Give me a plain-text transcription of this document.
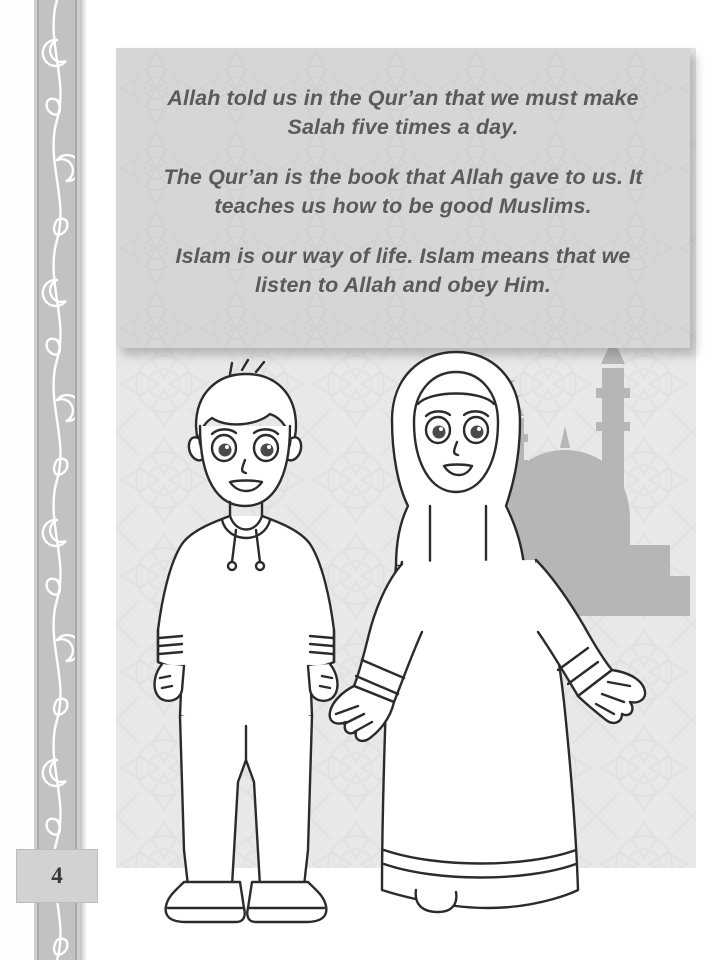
Allah told us in the Qur’an that we must make Salah five times a day.

The Qur’an is the book that Allah gave to us. It teaches us how to be good Muslims.

Islam is our way of life. Islam means that we listen to Allah and obey Him.

4
